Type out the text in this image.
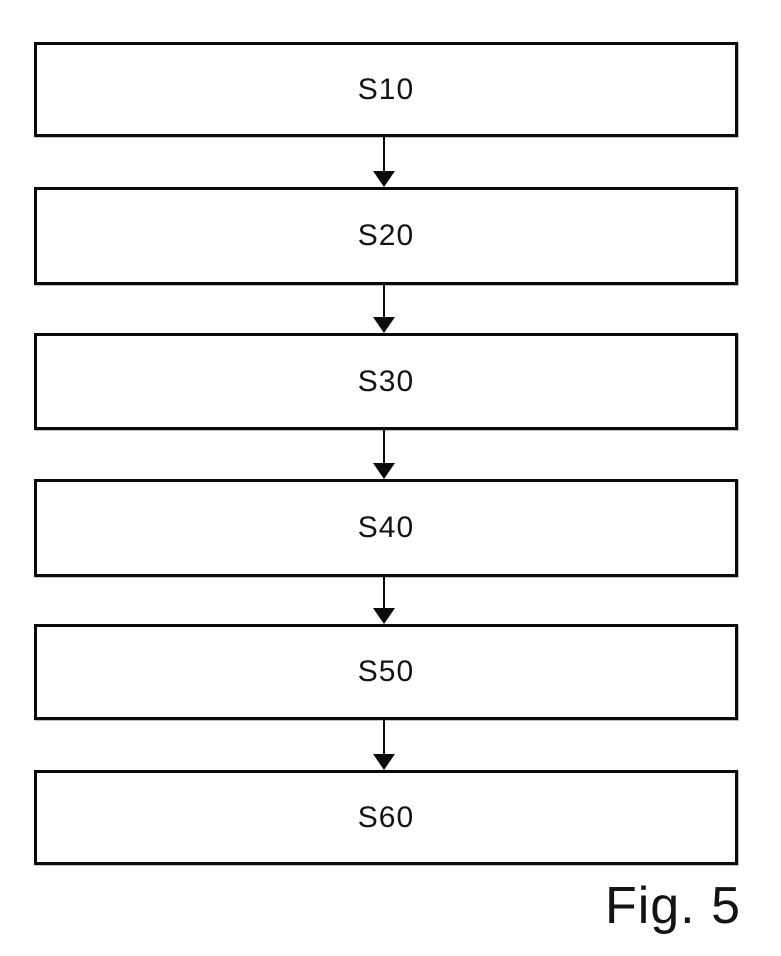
S10
S20
S30
S40
S50
S60
Fig. 5
